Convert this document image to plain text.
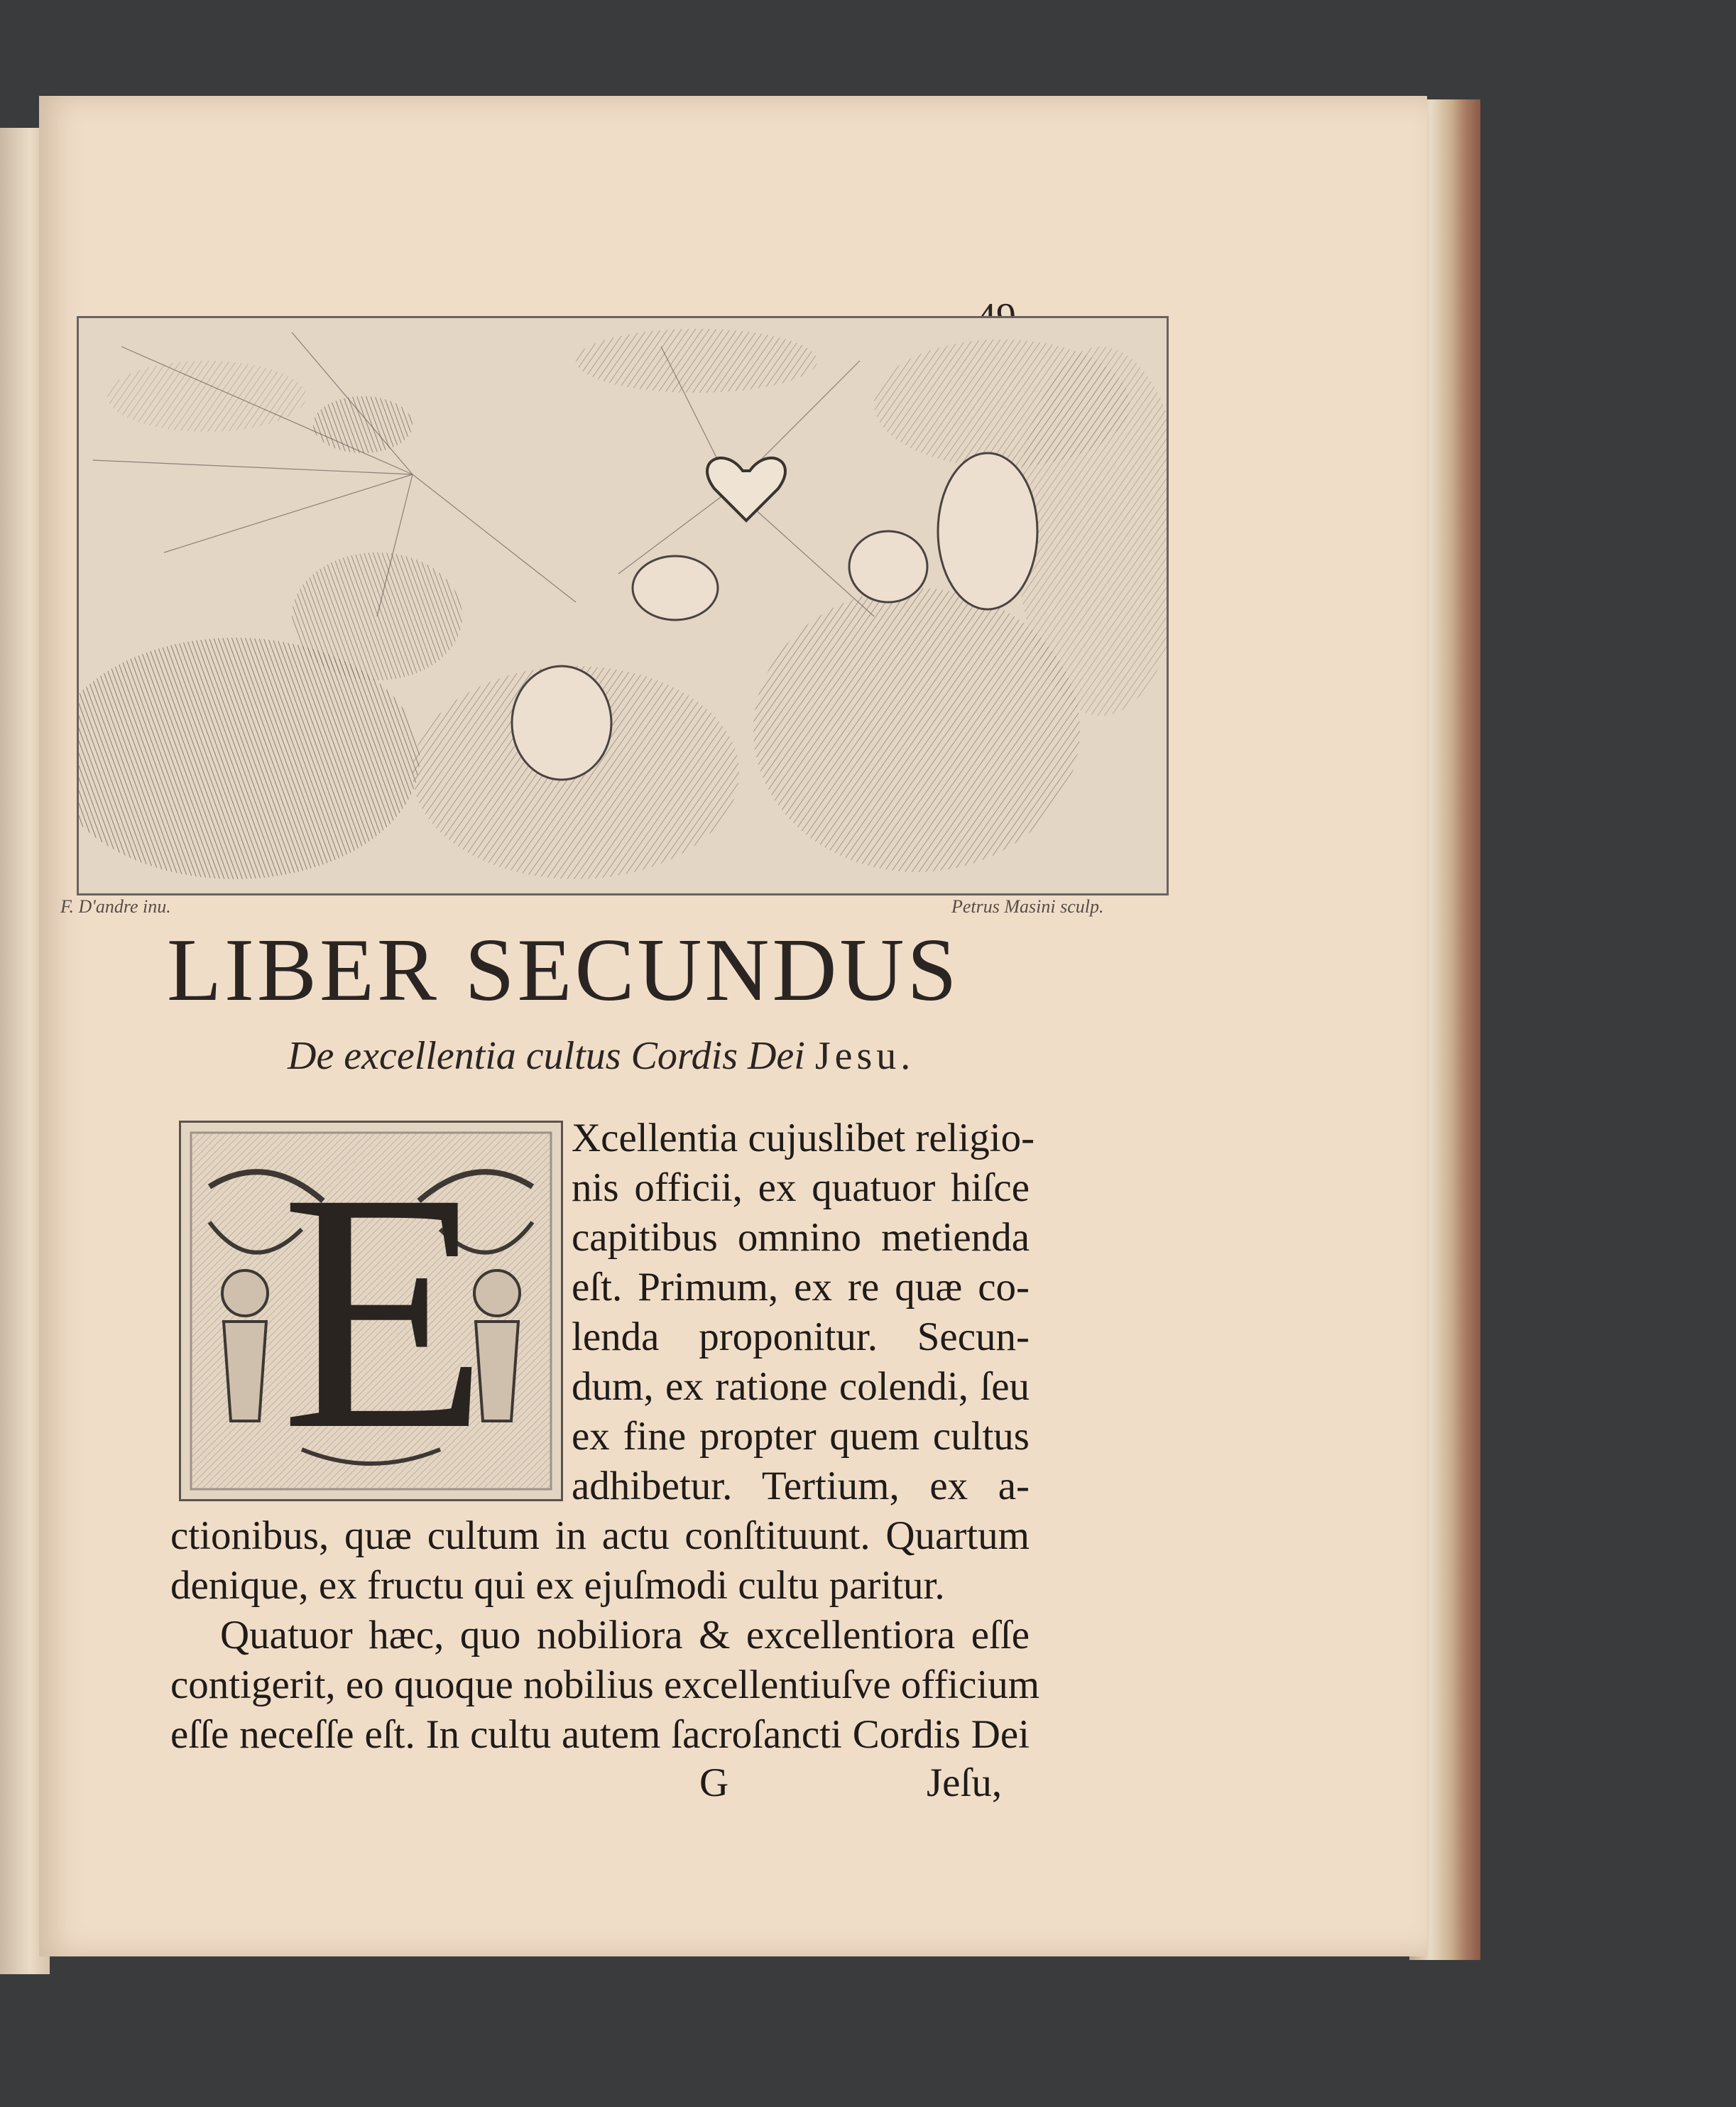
F. D'andre inu.	Petrus Masini sculp.
LIBER SECUNDUS
De excellentia cultus Cordis Dei Jesu.
E Xcellentia cujuslibet religio-
nis officii, ex quatuor hiſce
capitibus omnino metienda
eſt. Primum, ex re quæ co-
lenda proponitur. Secun-
dum, ex ratione colendi, ſeu
ex fine propter quem cultus
adhibetur. Tertium, ex a-
ctionibus, quæ cultum in actu conſtituunt. Quartum
denique, ex fructu qui ex ejuſmodi cultu paritur.
Quatuor hæc, quo nobiliora & excellentiora eſſe
contigerit, eo quoque nobilius excellentiuſve officium
eſſe neceſſe eſt. In cultu autem ſacroſancti Cordis Dei
G	Jeſu,
